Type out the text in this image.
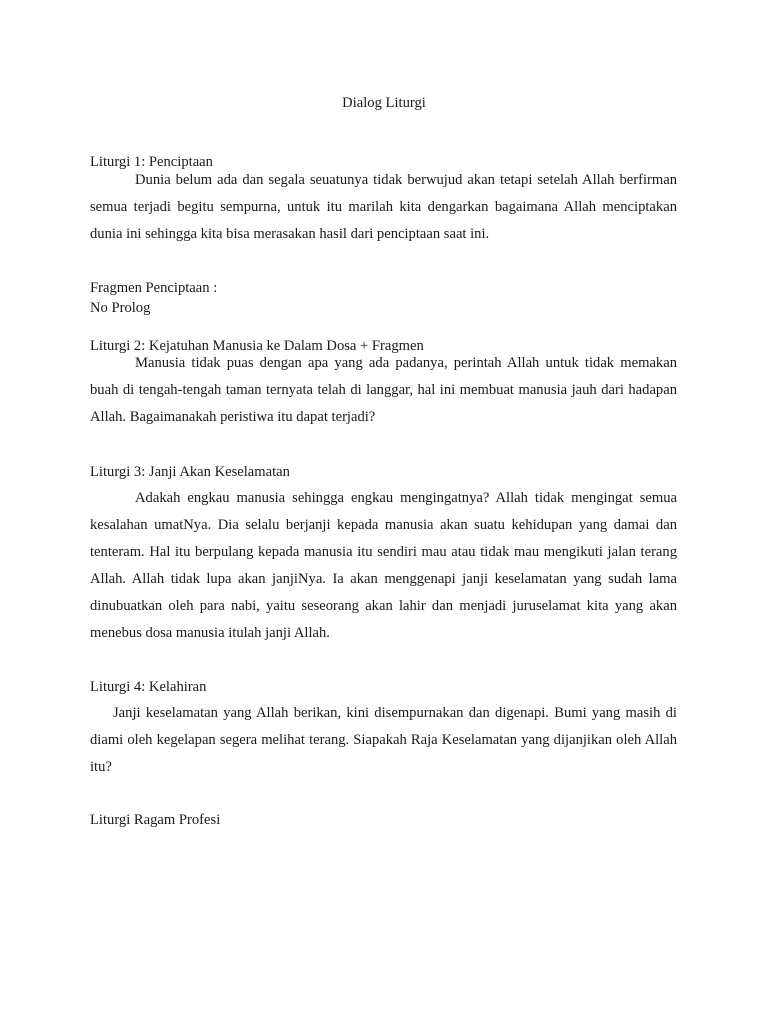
Dialog Liturgi
Liturgi 1: Penciptaan

Dunia belum ada dan segala seuatunya tidak berwujud akan tetapi setelah Allah berfirman semua terjadi begitu sempurna, untuk itu marilah kita dengarkan bagaimana Allah menciptakan dunia ini sehingga kita bisa merasakan hasil dari penciptaan saat ini.

Fragmen Penciptaan :
No Prolog
Liturgi 2: Kejatuhan Manusia ke Dalam Dosa + Fragmen

Manusia tidak puas dengan apa yang ada padanya, perintah Allah untuk tidak memakan buah di tengah-tengah taman ternyata telah di langgar, hal ini membuat manusia jauh dari hadapan Allah. Bagaimanakah peristiwa itu dapat terjadi?

Liturgi 3: Janji Akan Keselamatan

Adakah engkau manusia sehingga engkau mengingatnya? Allah tidak mengingat semua kesalahan umatNya. Dia selalu berjanji kepada manusia akan suatu kehidupan yang damai dan tenteram. Hal itu berpulang kepada manusia itu sendiri mau atau tidak mau mengikuti jalan terang Allah. Allah tidak lupa akan janjiNya. Ia akan menggenapi janji keselamatan yang sudah lama dinubuatkan oleh para nabi, yaitu seseorang akan lahir dan menjadi juruselamat kita yang akan menebus dosa manusia itulah janji Allah.

Liturgi 4: Kelahiran

Janji keselamatan yang Allah berikan, kini disempurnakan dan digenapi. Bumi yang masih di diami oleh kegelapan segera melihat terang. Siapakah Raja Keselamatan yang dijanjikan oleh Allah itu?

Liturgi Ragam Profesi
